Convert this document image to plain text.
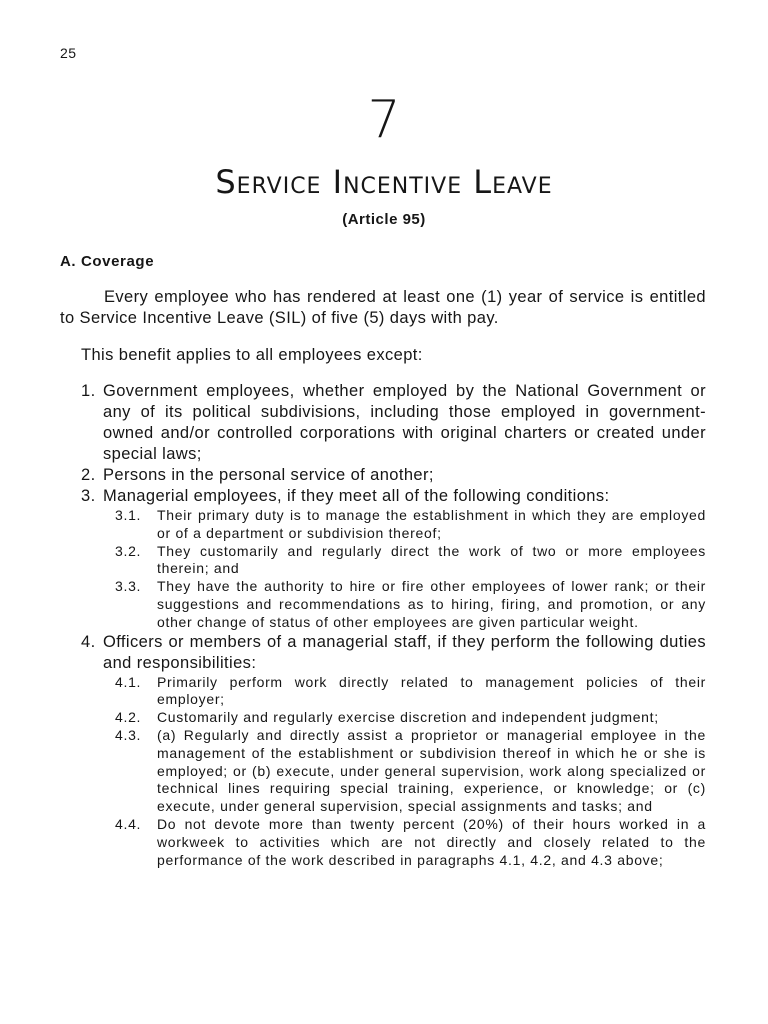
25
7
Service Incentive Leave
(Article 95)
A. Coverage

Every employee who has rendered at least one (1) year of service is entitled to Service Incentive Leave (SIL) of five (5) days with pay.

This benefit applies to all employees except:

1. Government employees, whether employed by the National Government or any of its political subdivisions, including those employed in government-owned and/or controlled corporations with original charters or created under special laws;
2. Persons in the personal service of another;
3. Managerial employees, if they meet all of the following conditions:
3.1.	Their primary duty is to manage the establishment in which they are employed or of a department or subdivision thereof;
3.2.	They customarily and regularly direct the work of two or more employees therein; and
3.3.	They have the authority to hire or fire other employees of lower rank; or their suggestions and recommendations as to hiring, firing, and promotion, or any other change of status of other employees are given particular weight.
4. Officers or members of a managerial staff, if they perform the following duties and responsibilities:
4.1.	Primarily perform work directly related to management policies of their employer;
4.2.	Customarily and regularly exercise discretion and independent judgment;
4.3.	(a) Regularly and directly assist a proprietor or managerial employee in the management of the establishment or subdivision thereof in which he or she is employed; or (b) execute, under general supervision, work along specialized or technical lines requiring special training, experience, or knowledge; or (c) execute, under general supervision, special assignments and tasks; and
4.4.	Do not devote more than twenty percent (20%) of their hours worked in a workweek to activities which are not directly and closely related to the performance of the work described in paragraphs 4.1, 4.2, and 4.3 above;
